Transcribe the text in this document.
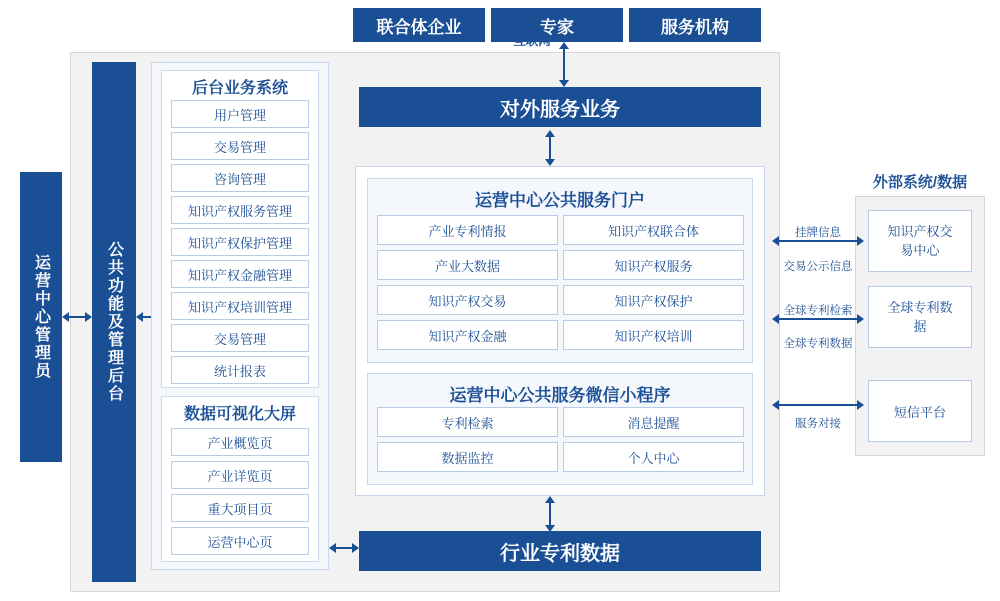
联合体企业	专家	服务机构
互联网
对外服务业务
运营中心管理员	公共功能及管理后台
后台业务系统
用户管理
交易管理
咨询管理
知识产权服务管理
知识产权保护管理
知识产权金融管理
知识产权培训管理
交易管理
统计报表
数据可视化大屏
产业概览页
产业详览页
重大项目页
运营中心页
运营中心公共服务门户
产业专利情报	知识产权联合体
产业大数据	知识产权服务
知识产权交易	知识产权保护
知识产权金融	知识产权培训
运营中心公共服务微信小程序
专利检索	消息提醒
数据监控	个人中心
行业专利数据
外部系统/数据
知识产权交易中心
全球专利数据
短信平台
挂牌信息
交易公示信息
全球专利检索
全球专利数据
服务对接
